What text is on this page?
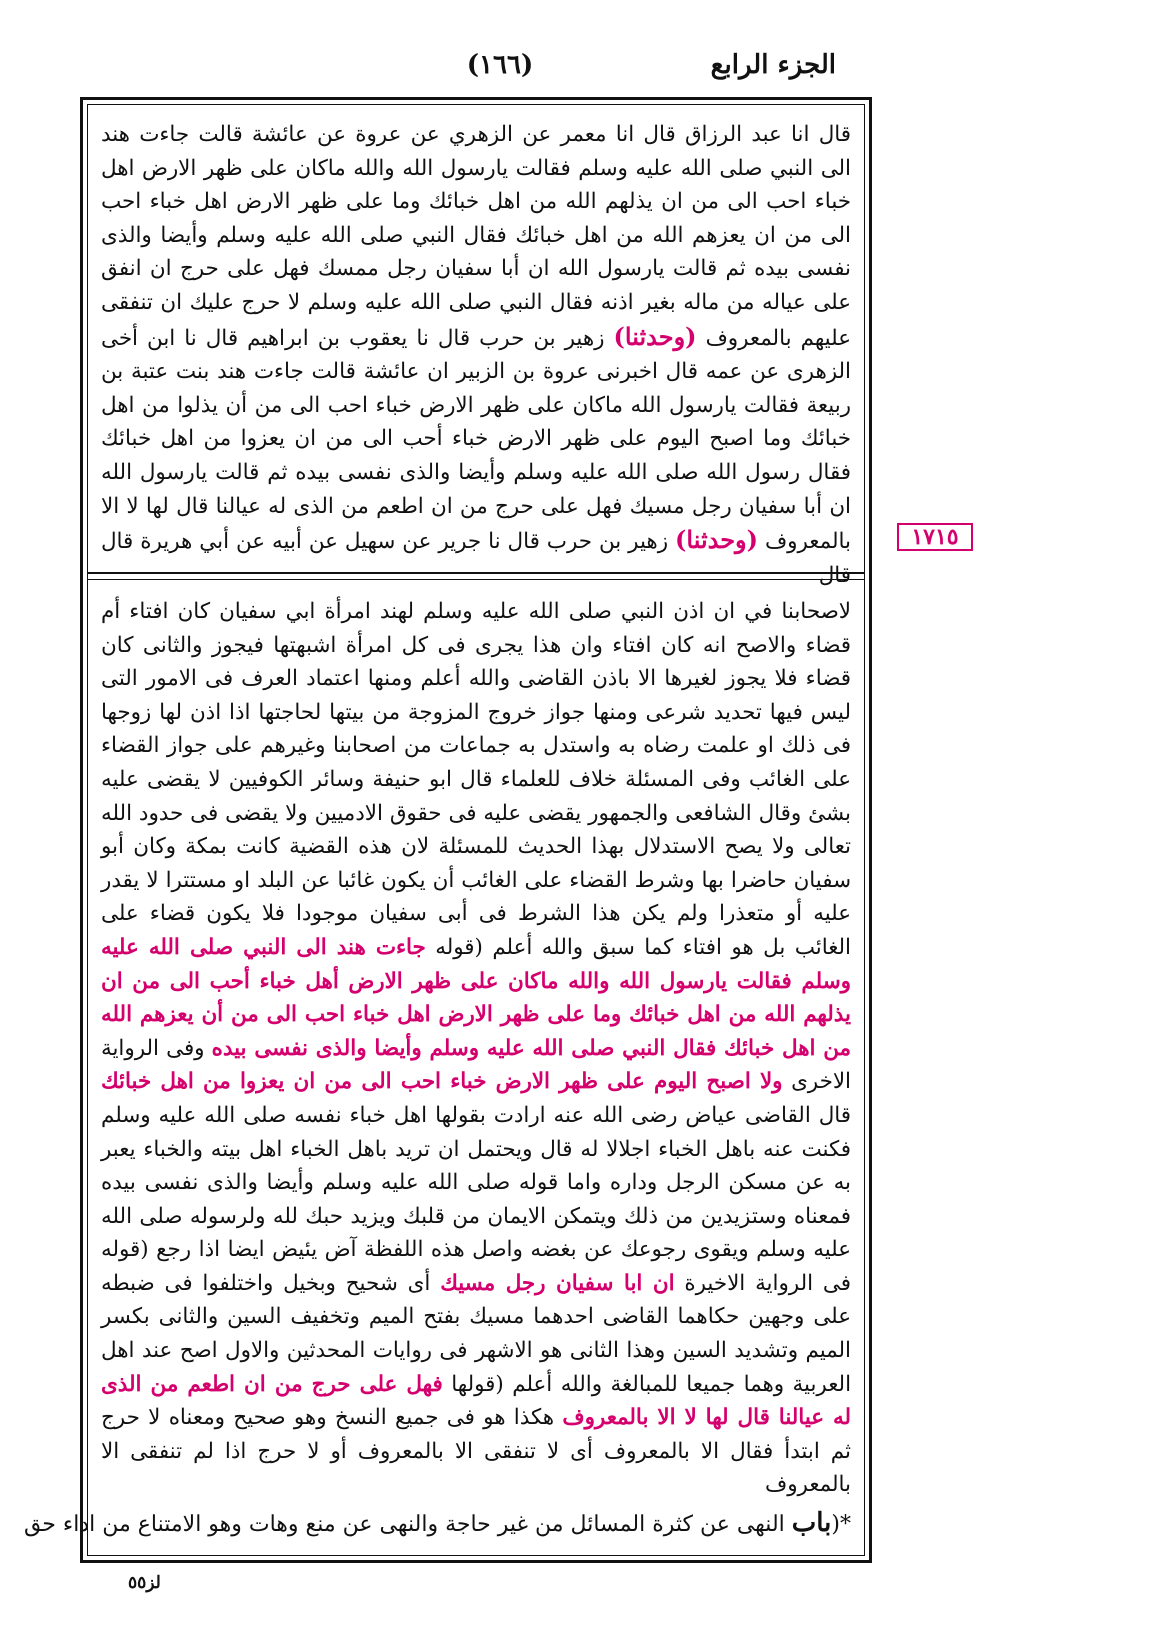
الجزء الرابع
(١٦٦)
قال انا عبد الرزاق قال انا معمر عن الزهري عن عروة عن عائشة قالت جاءت هند الى النبي صلى الله عليه وسلم فقالت يارسول الله والله ماكان على ظهر الارض اهل خباء احب الى من ان يذلهم الله من اهل خبائك وما على ظهر الارض اهل خباء احب الى من ان يعزهم الله من اهل خبائك فقال النبي صلى الله عليه وسلم وأيضا والذى نفسى بيده ثم قالت يارسول الله ان أبا سفيان رجل ممسك فهل على حرج ان انفق على عياله من ماله بغير اذنه فقال النبي صلى الله عليه وسلم لا حرج عليك ان تنفقى عليهم بالمعروف (وحدثنا) زهير بن حرب قال نا يعقوب بن ابراهيم قال نا ابن أخى الزهرى عن عمه قال اخبرنى عروة بن الزبير ان عائشة قالت جاءت هند بنت عتبة بن ربيعة فقالت يارسول الله ماكان على ظهر الارض خباء احب الى من أن يذلوا من اهل خبائك وما اصبح اليوم على ظهر الارض خباء أحب الى من ان يعزوا من اهل خبائك فقال رسول الله صلى الله عليه وسلم وأيضا والذى نفسى بيده ثم قالت يارسول الله ان أبا سفيان رجل مسيك فهل على حرج من ان اطعم من الذى له عيالنا قال لها لا الا بالمعروف (وحدثنا) زهير بن حرب قال نا جرير عن سهيل عن أبيه عن أبي هريرة قال قال
لاصحابنا في ان اذن النبي صلى الله عليه وسلم لهند امرأة ابي سفيان كان افتاء أم قضاء والاصح انه كان افتاء وان هذا يجرى فى كل امرأة اشبهتها فيجوز والثانى كان قضاء فلا يجوز لغيرها الا باذن القاضى والله أعلم ومنها اعتماد العرف فى الامور التى ليس فيها تحديد شرعى ومنها جواز خروج المزوجة من بيتها لحاجتها اذا اذن لها زوجها فى ذلك او علمت رضاه به واستدل به جماعات من اصحابنا وغيرهم على جواز القضاء على الغائب وفى المسئلة خلاف للعلماء قال ابو حنيفة وسائر الكوفيين لا يقضى عليه بشئ وقال الشافعى والجمهور يقضى عليه فى حقوق الادميين ولا يقضى فى حدود الله تعالى ولا يصح الاستدلال بهذا الحديث للمسئلة لان هذه القضية كانت بمكة وكان أبو سفيان حاضرا بها وشرط القضاء على الغائب أن يكون غائبا عن البلد او مستترا لا يقدر عليه أو متعذرا ولم يكن هذا الشرط فى أبى سفيان موجودا فلا يكون قضاء على الغائب بل هو افتاء كما سبق والله أعلم (قوله جاءت هند الى النبي صلى الله عليه وسلم فقالت يارسول الله والله ماكان على ظهر الارض أهل خباء أحب الى من ان يذلهم الله من اهل خبائك وما على ظهر الارض اهل خباء احب الى من أن يعزهم الله من اهل خبائك فقال النبي صلى الله عليه وسلم وأيضا والذى نفسى بيده وفى الرواية الاخرى ولا اصبح اليوم على ظهر الارض خباء احب الى من ان يعزوا من اهل خبائك قال القاضى عياض رضى الله عنه ارادت بقولها اهل خباء نفسه صلى الله عليه وسلم فكنت عنه باهل الخباء اجلالا له قال ويحتمل ان تريد باهل الخباء اهل بيته والخباء يعبر به عن مسكن الرجل وداره واما قوله صلى الله عليه وسلم وأيضا والذى نفسى بيده فمعناه وستزيدين من ذلك ويتمكن الايمان من قلبك ويزيد حبك لله ولرسوله صلى الله عليه وسلم ويقوى رجوعك عن بغضه واصل هذه اللفظة آض يئيض ايضا اذا رجع (قوله فى الرواية الاخيرة ان ابا سفيان رجل مسيك أى شحيح وبخيل واختلفوا فى ضبطه على وجهين حكاهما القاضى احدهما مسيك بفتح الميم وتخفيف السين والثانى بكسر الميم وتشديد السين وهذا الثانى هو الاشهر فى روايات المحدثين والاول اصح عند اهل العربية وهما جميعا للمبالغة والله أعلم (قولها فهل على حرج من ان اطعم من الذى له عيالنا قال لها لا الا بالمعروف هكذا هو فى جميع النسخ وهو صحيح ومعناه لا حرج ثم ابتدأ فقال الا بالمعروف أى لا تنفقى الا بالمعروف أو لا حرج اذا لم تنفقى الا بالمعروف
*(باب النهى عن كثرة المسائل من غير حاجة والنهى عن منع وهات وهو الامتناع من اداء حق
١٧١٥
لز٥٥
